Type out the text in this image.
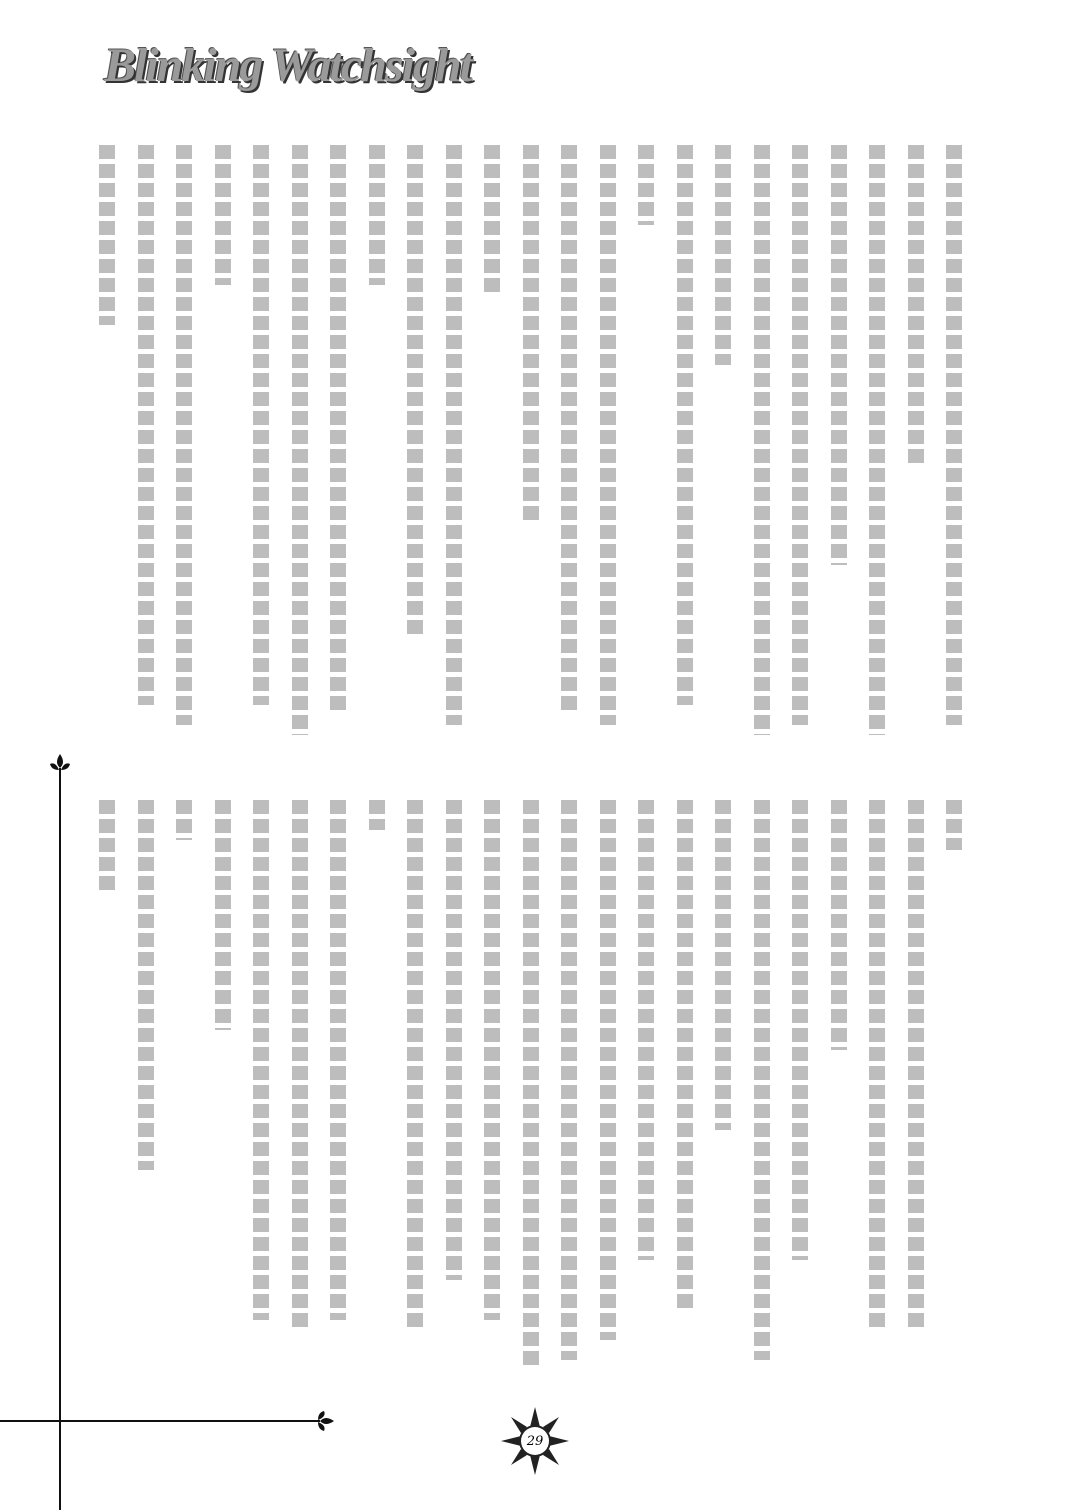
Blinking Watchsight
29
